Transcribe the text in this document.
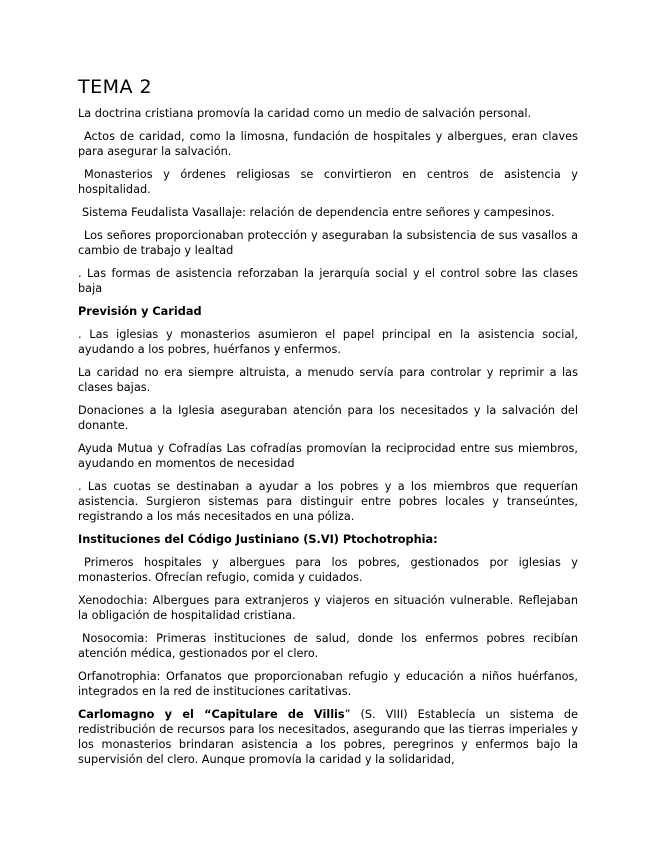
TEMA 2

La doctrina cristiana promovía la caridad como un medio de salvación personal.

Actos de caridad, como la limosna, fundación de hospitales y albergues, eran claves para asegurar la salvación.

Monasterios y órdenes religiosas se convirtieron en centros de asistencia y hospitalidad.

Sistema Feudalista Vasallaje: relación de dependencia entre señores y campesinos.

Los señores proporcionaban protección y aseguraban la subsistencia de sus vasallos a cambio de trabajo y lealtad

. Las formas de asistencia reforzaban la jerarquía social y el control sobre las clases baja

Previsión y Caridad

. Las iglesias y monasterios asumieron el papel principal en la asistencia social, ayudando a los pobres, huérfanos y enfermos.

La caridad no era siempre altruista, a menudo servía para controlar y reprimir a las clases bajas.

Donaciones a la Iglesia aseguraban atención para los necesitados y la salvación del donante.

Ayuda Mutua y Cofradías Las cofradías promovían la reciprocidad entre sus miembros, ayudando en momentos de necesidad

. Las cuotas se destinaban a ayudar a los pobres y a los miembros que requerían asistencia. Surgieron sistemas para distinguir entre pobres locales y transeúntes, registrando a los más necesitados en una póliza.

Instituciones del Código Justiniano (S.VI) Ptochotrophia:

Primeros hospitales y albergues para los pobres, gestionados por iglesias y monasterios. Ofrecían refugio, comida y cuidados.

Xenodochia: Albergues para extranjeros y viajeros en situación vulnerable. Reflejaban la obligación de hospitalidad cristiana.

Nosocomia: Primeras instituciones de salud, donde los enfermos pobres recibían atención médica, gestionados por el clero.

Orfanotrophia: Orfanatos que proporcionaban refugio y educación a niños huérfanos, integrados en la red de instituciones caritativas.

Carlomagno y el “Capitulare de Villis” (S. VIII) Establecía un sistema de redistribución de recursos para los necesitados, asegurando que las tierras imperiales y los monasterios brindaran asistencia a los pobres, peregrinos y enfermos bajo la supervisión del clero. Aunque promovía la caridad y la solidaridad,
